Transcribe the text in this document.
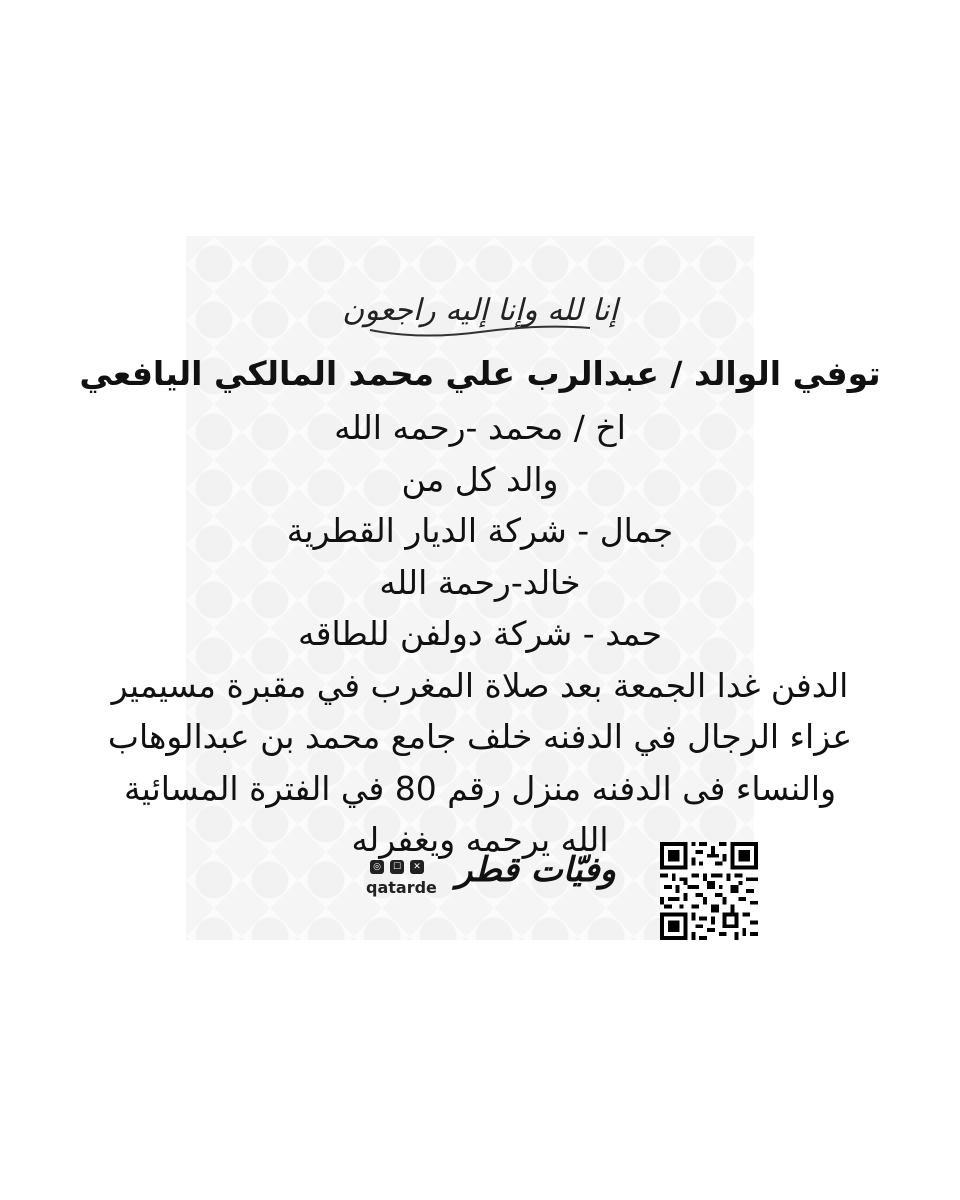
إنا لله وإنا إليه راجعون
توفي الوالد / عبدالرب علي محمد المالكي اليافعي
اخ / محمد -رحمه الله
والد كل من
جمال - شركة الديار القطرية
خالد-رحمة الله
حمد - شركة دولفن للطاقه
الدفن غدا الجمعة بعد صلاة المغرب في مقبرة مسيمير
عزاء الرجال في الدفنه خلف جامع محمد بن عبدالوهاب
والنساء فى الدفنه منزل رقم 80 في الفترة المسائية
الله يرحمه ويغفرله
◎	☐	✕
qatarde وفيّات قطر
